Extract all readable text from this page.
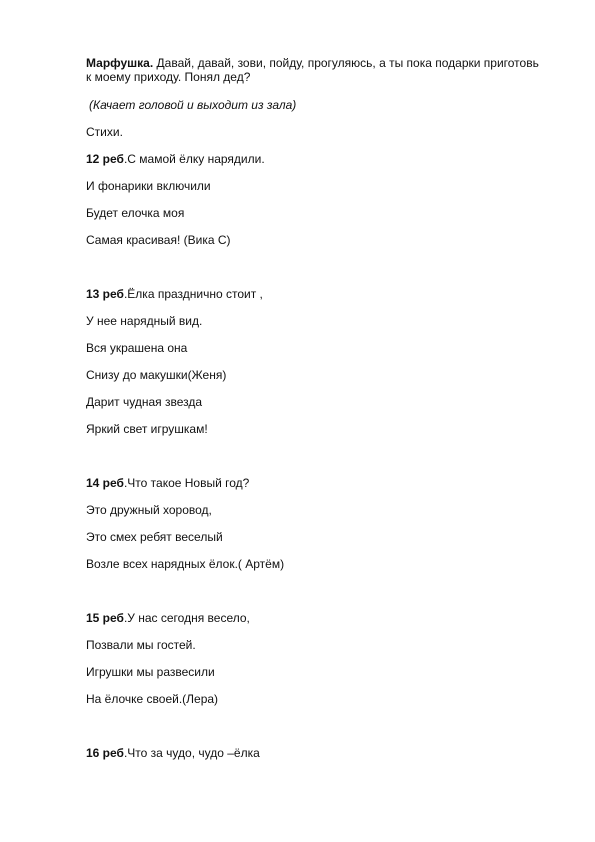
Марфушка. Давай, давай, зови, пойду, прогуляюсь, а ты пока подарки приготовь к моему приходу. Понял дед?

(Качает головой и выходит из зала)

Стихи.

12 реб.С мамой ёлку нарядили.

И фонарики включили

Будет елочка моя

Самая красивая! (Вика С)

13 реб.Ёлка празднично стоит ,

У нее нарядный вид.

Вся украшена она

Снизу до макушки(Женя)

Дарит чудная звезда

Яркий свет игрушкам!

14 реб.Что такое Новый год?

Это дружный хоровод,

Это смех ребят веселый

Возле всех нарядных ёлок.( Артём)

15 реб.У нас сегодня весело,

Позвали мы гостей.

Игрушки мы развесили

На ёлочке своей.(Лера)

16 реб.Что за чудо, чудо –ёлка
